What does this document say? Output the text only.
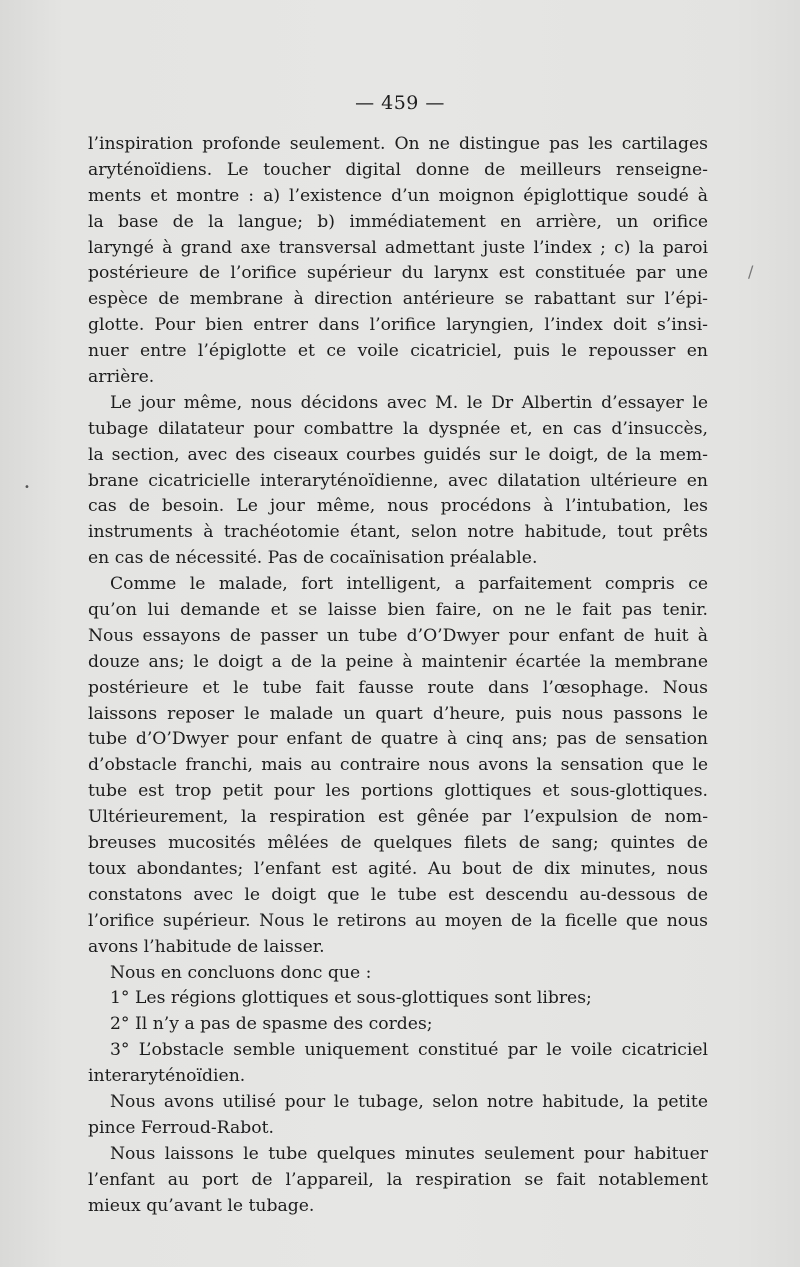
— 459 —
l’inspiration profonde seulement. On ne distingue pas les cartilages
aryténoïdiens. Le toucher digital donne de meilleurs renseigne-
ments et montre : a) l’existence d’un moignon épiglottique soudé à
la base de la langue; b) immédiatement en arrière, un orifice
laryngé à grand axe transversal admettant juste l’index ; c) la paroi
postérieure de l’orifice supérieur du larynx est constituée par une
espèce de membrane à direction antérieure se rabattant sur l’épi-
glotte. Pour bien entrer dans l’orifice laryngien, l’index doit s’insi-
nuer entre l’épiglotte et ce voile cicatriciel, puis le repousser en
arrière.
Le jour même, nous décidons avec M. le Dr Albertin d’essayer le
tubage dilatateur pour combattre la dyspnée et, en cas d’insuccès,
la section, avec des ciseaux courbes guidés sur le doigt, de la mem-
brane cicatricielle interaryténoïdienne, avec dilatation ultérieure en
cas de besoin. Le jour même, nous procédons à l’intubation, les
instruments à trachéotomie étant, selon notre habitude, tout prêts
en cas de nécessité. Pas de cocaïnisation préalable.
Comme le malade, fort intelligent, a parfaitement compris ce
qu’on lui demande et se laisse bien faire, on ne le fait pas tenir.
Nous essayons de passer un tube d’O’Dwyer pour enfant de huit à
douze ans; le doigt a de la peine à maintenir écartée la membrane
postérieure et le tube fait fausse route dans l’œsophage. Nous
laissons reposer le malade un quart d’heure, puis nous passons le
tube d’O’Dwyer pour enfant de quatre à cinq ans; pas de sensation
d’obstacle franchi, mais au contraire nous avons la sensation que le
tube est trop petit pour les portions glottiques et sous-glottiques.
Ultérieurement, la respiration est gênée par l’expulsion de nom-
breuses mucosités mêlées de quelques filets de sang; quintes de
toux abondantes; l’enfant est agité. Au bout de dix minutes, nous
constatons avec le doigt que le tube est descendu au-dessous de
l’orifice supérieur. Nous le retirons au moyen de la ficelle que nous
avons l’habitude de laisser.
Nous en concluons donc que :
1° Les régions glottiques et sous-glottiques sont libres;
2° Il n’y a pas de spasme des cordes;
3° L’obstacle semble uniquement constitué par le voile cicatriciel
interaryténoïdien.
Nous avons utilisé pour le tubage, selon notre habitude, la petite
pince Ferroud-Rabot.
Nous laissons le tube quelques minutes seulement pour habituer
l’enfant au port de l’appareil, la respiration se fait notablement
mieux qu’avant le tubage.
•
/
